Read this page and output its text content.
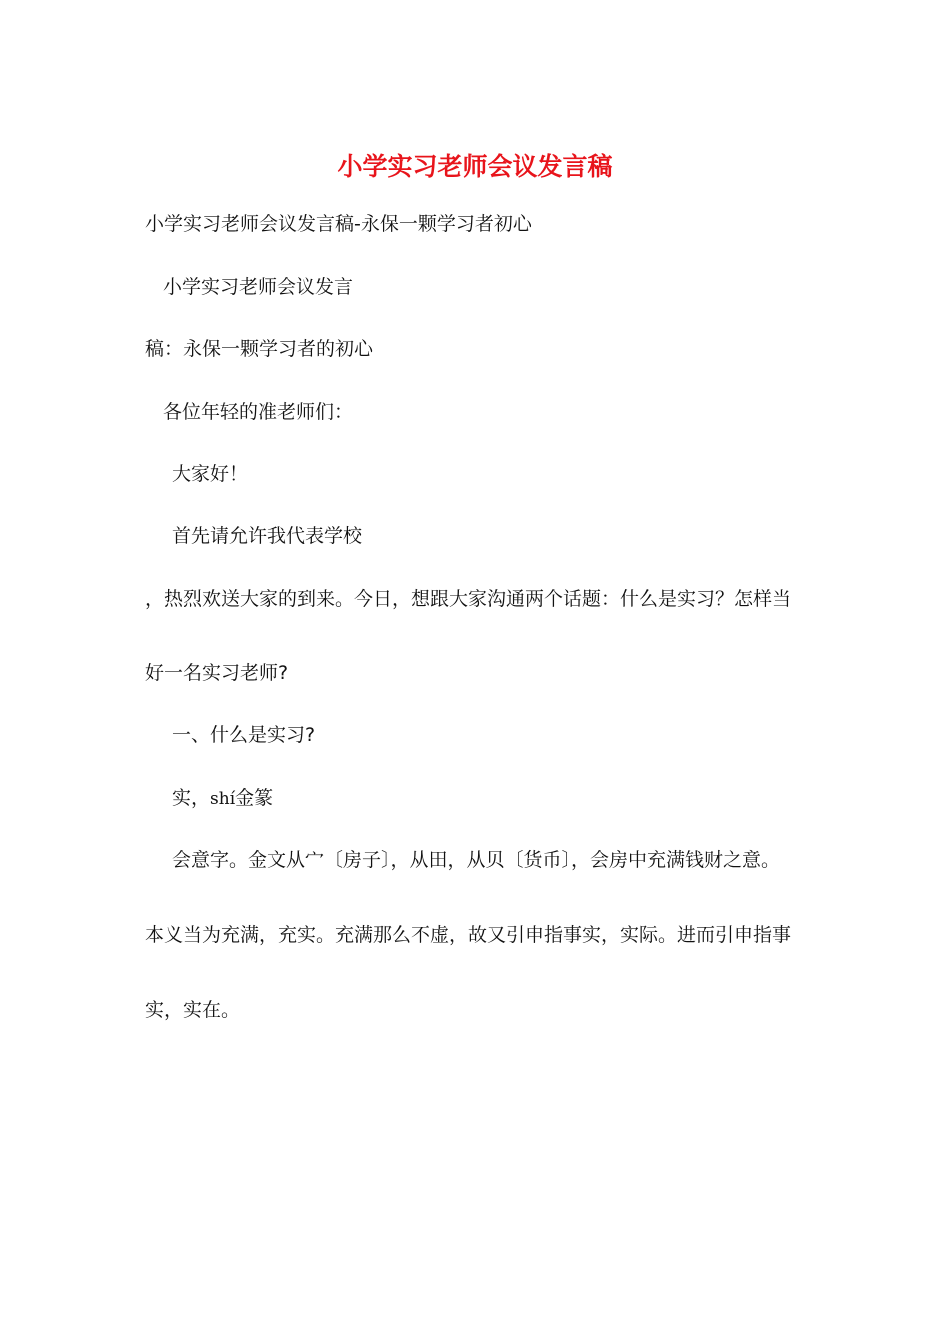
小学实习老师会议发言稿
小学实习老师会议发言稿-永保一颗学习者初心
小学实习老师会议发言
稿：永保一颗学习者的初心
各位年轻的准老师们：
大家好！
首先请允许我代表学校
，热烈欢送大家的到来。今日，想跟大家沟通两个话题：什么是实习？怎样当
好一名实习老师?
一、什么是实习?
实，shí金篆
会意字。金文从宀〔房子〕，从田，从贝〔货币〕，会房中充满钱财之意。
本义当为充满，充实。充满那么不虚，故又引申指事实，实际。进而引申指事
实，实在。
